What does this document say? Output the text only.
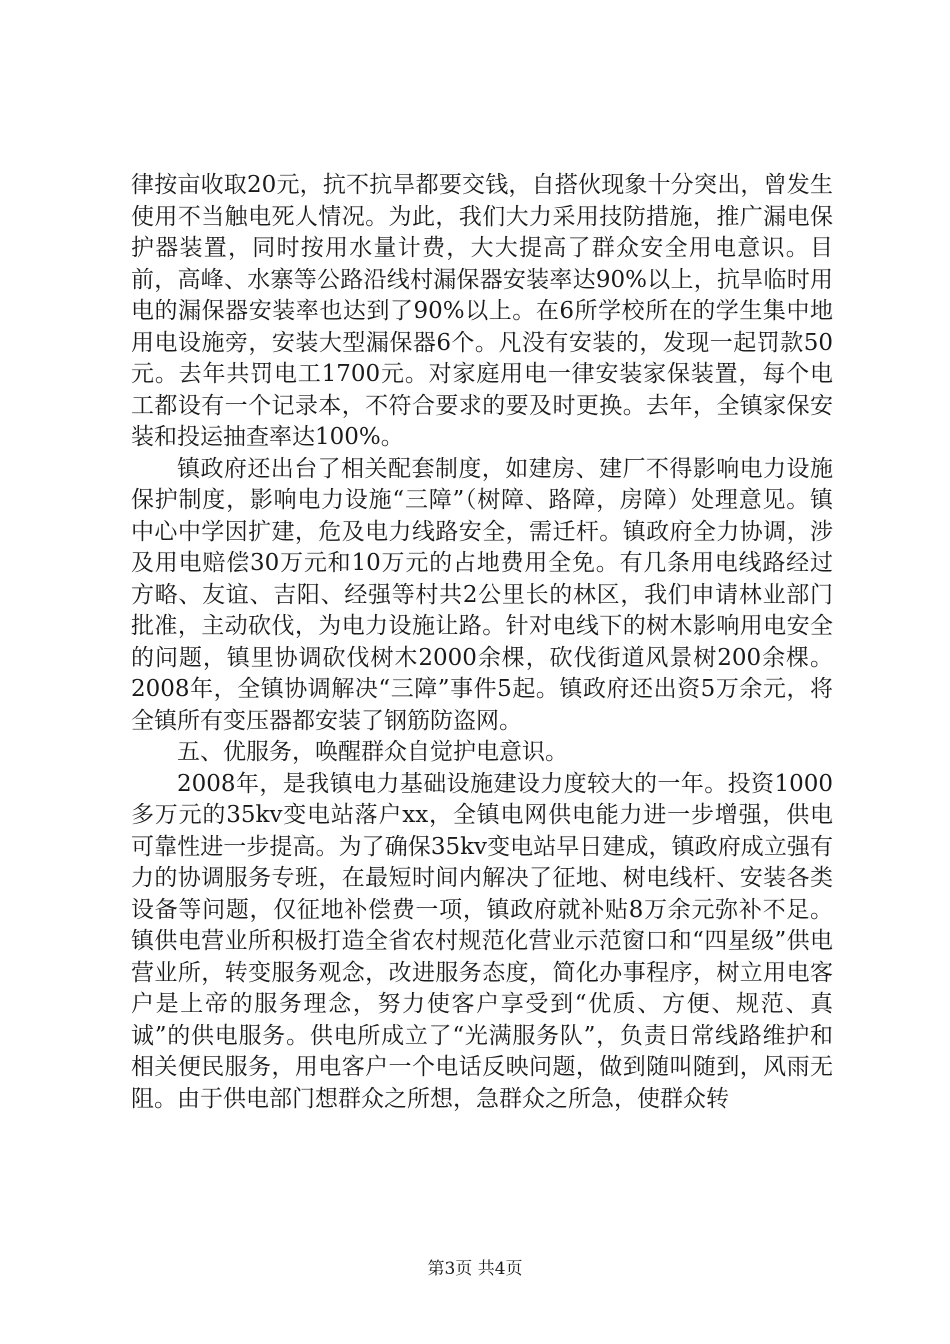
律按亩收取20元，抗不抗旱都要交钱，自搭伙现象十分突出，曾发生使用不当触电死人情况。为此，我们大力采用技防措施，推广漏电保护器装置，同时按用水量计费，大大提高了群众安全用电意识。目前，高峰、水寨等公路沿线村漏保器安装率达90%以上，抗旱临时用电的漏保器安装率也达到了90%以上。在6所学校所在的学生集中地用电设施旁，安装大型漏保器6个。凡没有安装的，发现一起罚款50元。去年共罚电工1700元。对家庭用电一律安装家保装置，每个电工都设有一个记录本，不符合要求的要及时更换。去年，全镇家保安装和投运抽查率达100%。

镇政府还出台了相关配套制度，如建房、建厂不得影响电力设施保护制度，影响电力设施“三障”（树障、路障，房障）处理意见。镇中心中学因扩建，危及电力线路安全，需迁杆。镇政府全力协调，涉及用电赔偿30万元和10万元的占地费用全免。有几条用电线路经过方略、友谊、吉阳、经强等村共2公里长的林区，我们申请林业部门批准，主动砍伐，为电力设施让路。针对电线下的树木影响用电安全的问题，镇里协调砍伐树木2000余棵，砍伐街道风景树200余棵。2008年，全镇协调解决“三障”事件5起。镇政府还出资5万余元，将全镇所有变压器都安装了钢筋防盗网。

五、优服务，唤醒群众自觉护电意识。

2008年，是我镇电力基础设施建设力度较大的一年。投资1000多万元的35kv变电站落户xx，全镇电网供电能力进一步增强，供电可靠性进一步提高。为了确保35kv变电站早日建成，镇政府成立强有力的协调服务专班，在最短时间内解决了征地、树电线杆、安装各类设备等问题，仅征地补偿费一项，镇政府就补贴8万余元弥补不足。镇供电营业所积极打造全省农村规范化营业示范窗口和“四星级”供电营业所，转变服务观念，改进服务态度，简化办事程序，树立用电客户是上帝的服务理念，努力使客户享受到“优质、方便、规范、真诚”的供电服务。供电所成立了“光满服务队”，负责日常线路维护和相关便民服务，用电客户一个电话反映问题，做到随叫随到，风雨无阻。由于供电部门想群众之所想，急群众之所急，使群众转

第3页 共4页
